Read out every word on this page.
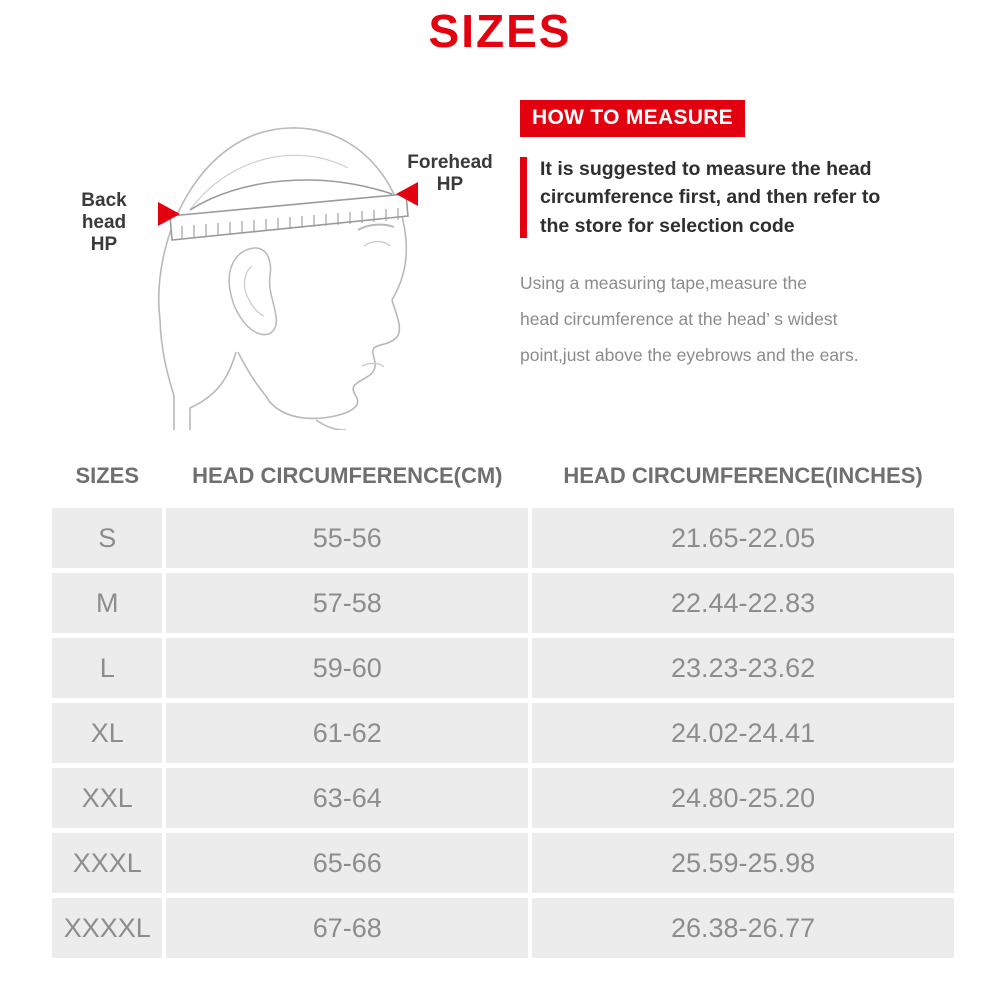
SIZES
Back
head
HP
Forehead
HP
HOW TO MEASURE
It is suggested to measure the head
circumference first, and then refer to
the store for selection code
Using a measuring tape,measure the
head circumference at the head’ s widest
point,just above the eyebrows and the ears.
SIZES	HEAD CIRCUMFERENCE(CM)	HEAD CIRCUMFERENCE(INCHES)
S	55-56	21.65-22.05
M	57-58	22.44-22.83
L	59-60	23.23-23.62
XL	61-62	24.02-24.41
XXL	63-64	24.80-25.20
XXXL	65-66	25.59-25.98
XXXXL	67-68	26.38-26.77
